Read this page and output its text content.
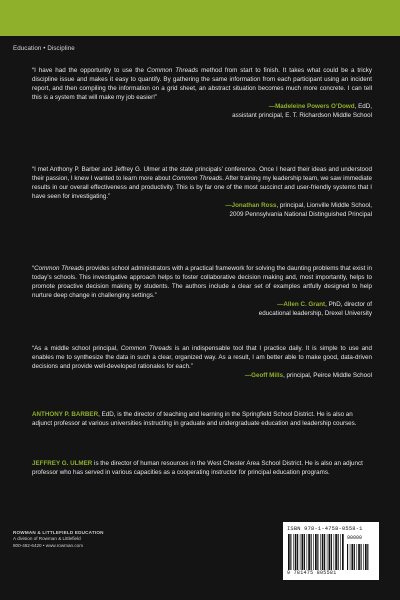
Education • Discipline
“I have had the opportunity to use the Common Threads method from start to finish. It takes what could be a tricky discipline issue and makes it easy to quantify. By gathering the same information from each participant using an incident report, and then compiling the information on a grid sheet, an abstract situation becomes much more concrete. I can tell this is a system that will make my job easier!”
—Madeleine Powers O’Dowd, EdD,
assistant principal, E. T. Richardson Middle School
“I met Anthony P. Barber and Jeffrey G. Ulmer at the state principals’ conference. Once I heard their ideas and understood their passion, I knew I wanted to learn more about Common Threads. After training my leadership team, we saw immediate results in our overall effectiveness and productivity. This is by far one of the most succinct and user-friendly systems that I have seen for investigating.”
—Jonathan Ross, principal, Lionville Middle School,
2009 Pennsylvania National Distinguished Principal
“Common Threads provides school administrators with a practical framework for solving the daunting problems that exist in today’s schools. This investigative approach helps to foster collaborative decision making and, most importantly, helps to promote proactive decision making by students. The authors include a clear set of examples artfully designed to help nurture deep change in challenging settings.”
—Allen C. Grant, PhD, director of
educational leadership, Drexel University
“As a middle school principal, Common Threads is an indispensable tool that I practice daily. It is simple to use and enables me to synthesize the data in such a clear, organized way. As a result, I am better able to make good, data-driven decisions and provide well-developed rationales for each.”
—Geoff Mills, principal, Peirce Middle School
ANTHONY P. BARBER, EdD, is the director of teaching and learning in the Springfield School District. He is also an adjunct professor at various universities instructing in graduate and undergraduate education and leadership courses.
JEFFREY G. ULMER is the director of human resources in the West Chester Area School District. He is also an adjunct professor who has served in various capacities as a cooperating instructor for principal education programs.
ROWMAN & LITTLEFIELD EDUCATION
A division of Rowman & Littlefield
800-462-6420 • www.rowman.com
ISBN 978-1-4758-0558-1
90000
9 781475 805581
